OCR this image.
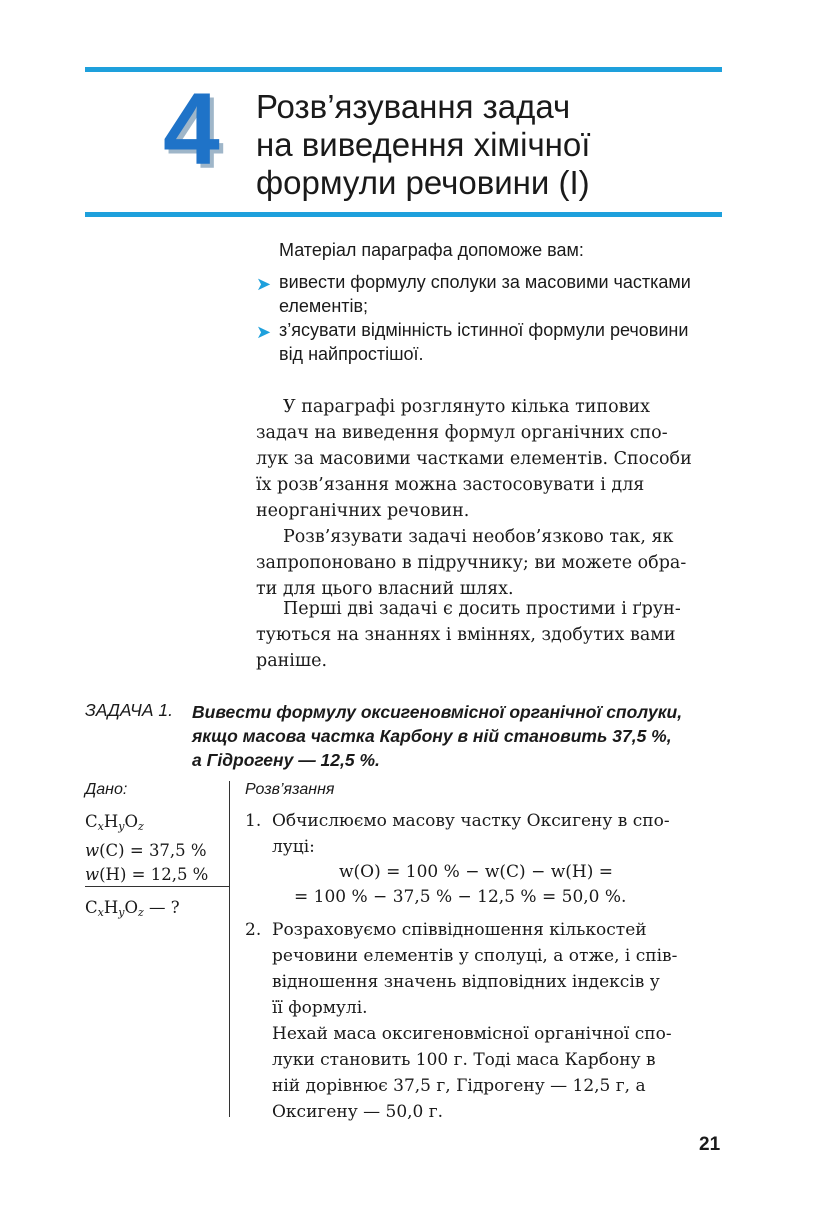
4 Розв’язування задач
на виведення хімічної
формули речовини (І)
Матеріал параграфа допоможе вам:
➤ вивести формулу сполуки за масовими частками
елементів;
➤ з’ясувати відмінність істинної формули речовини
від найпростішої.
У параграфі розглянуто кілька типових
задач на виведення формул органічних спо-
лук за масовими частками елементів. Способи
їх розв’язання можна застосовувати і для
неорганічних речовин.
Розв’язувати задачі необов’язково так, як
запропоновано в підручнику; ви можете обра-
ти для цього власний шлях.
Перші дві задачі є досить простими і ґрун-
туються на знаннях і вміннях, здобутих вами
раніше.
ЗАДАЧА 1. Вивести формулу оксигеновмісної органічної сполуки,
якщо масова частка Карбону в ній становить 37,5 %,
а Гідрогену — 12,5 %.
Дано:	Розв’язання
$C_xH_yO_z$
w(C) = 37,5 %
w(H) = 12,5 %
$C_xH_yO_z$ — ?
1. Обчислюємо масову частку Оксигену в спо-
луці:
w(O) = 100 % − w(C) − w(H) =
= 100 % − 37,5 % − 12,5 % = 50,0 %.
2. Розраховуємо співвідношення кількостей
речовини елементів у сполуці, а отже, і спів-
відношення значень відповідних індексів у
її формулі.
Нехай маса оксигеновмісної органічної спо-
луки становить 100 г. Тоді маса Карбону в
ній дорівнює 37,5 г, Гідрогену — 12,5 г, а
Оксигену — 50,0 г.
21
